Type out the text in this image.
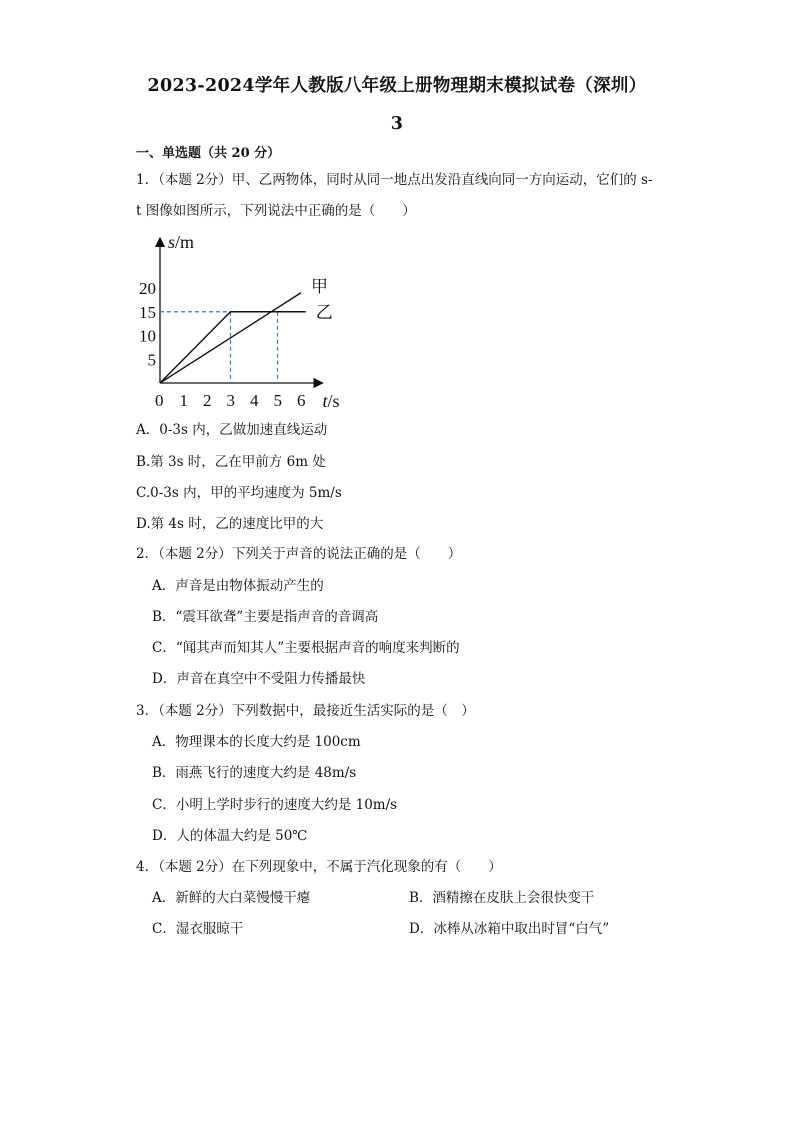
2023-2024学年人教版八年级上册物理期末模拟试卷（深圳）
3
一、单选题（共 20 分）
1．（本题 2分）甲、乙两物体，同时从同一地点出发沿直线向同一方向运动，它们的 s-
t 图像如图所示，下列说法中正确的是（　　）
甲
乙
0 1 2 3 4 5 6
5
10
15
20
s/m
t/s
A．0-3s 内，乙做加速直线运动
B.第 3s 时，乙在甲前方 6m 处
C.0-3s 内，甲的平均速度为 5m/s
D.第 4s 时，乙的速度比甲的大
2．（本题 2分）下列关于声音的说法正确的是（　　）
A．声音是由物体振动产生的
B．“震耳欲聋”主要是指声音的音调高
C．“闻其声而知其人”主要根据声音的响度来判断的
D．声音在真空中不受阻力传播最快
3．（本题 2分）下列数据中，最接近生活实际的是（　）
A．物理课本的长度大约是 100cm
B．雨燕飞行的速度大约是 48m/s
C．小明上学时步行的速度大约是 10m/s
D．人的体温大约是 50℃
4．（本题 2分）在下列现象中，不属于汽化现象的有（　　）
A．新鲜的大白菜慢慢干瘪	B．酒精擦在皮肤上会很快变干
C．湿衣服晾干	D．冰棒从冰箱中取出时冒“白气”
